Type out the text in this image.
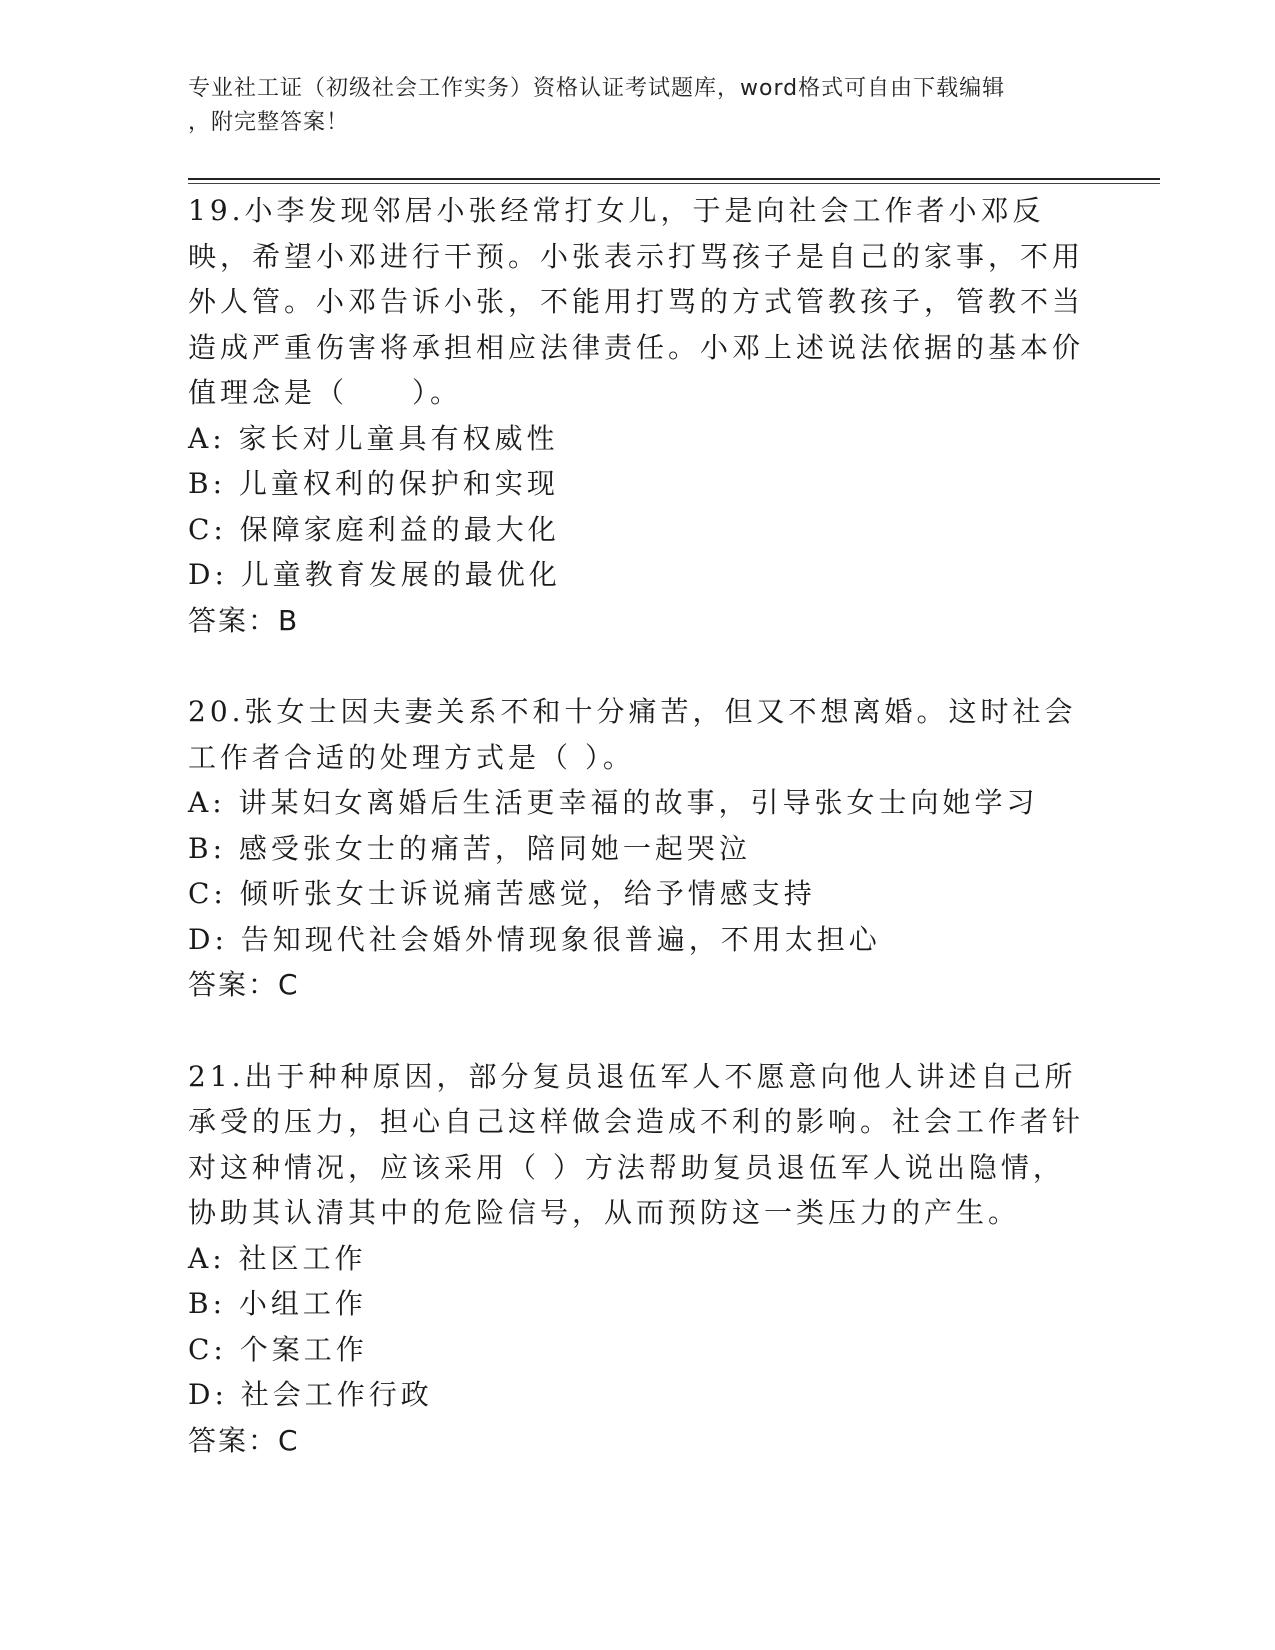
专业社工证（初级社会工作实务）资格认证考试题库，word格式可自由下载编辑
，附完整答案！

19.小李发现邻居小张经常打女儿，于是向社会工作者小邓反映，希望小邓进行干预。小张表示打骂孩子是自己的家事，不用外人管。小邓告诉小张，不能用打骂的方式管教孩子，管教不当造成严重伤害将承担相应法律责任。小邓上述说法依据的基本价值理念是（　　）。

A: 家长对儿童具有权威性

B: 儿童权利的保护和实现

C: 保障家庭利益的最大化

D: 儿童教育发展的最优化

答案：B

20.张女士因夫妻关系不和十分痛苦，但又不想离婚。这时社会工作者合适的处理方式是（ ）。

A: 讲某妇女离婚后生活更幸福的故事，引导张女士向她学习

B: 感受张女士的痛苦，陪同她一起哭泣

C: 倾听张女士诉说痛苦感觉，给予情感支持

D: 告知现代社会婚外情现象很普遍，不用太担心

答案：C

21.出于种种原因，部分复员退伍军人不愿意向他人讲述自己所承受的压力，担心自己这样做会造成不利的影响。社会工作者针对这种情况，应该采用（ ）方法帮助复员退伍军人说出隐情，协助其认清其中的危险信号，从而预防这一类压力的产生。

A: 社区工作

B: 小组工作

C: 个案工作

D: 社会工作行政

答案：C
